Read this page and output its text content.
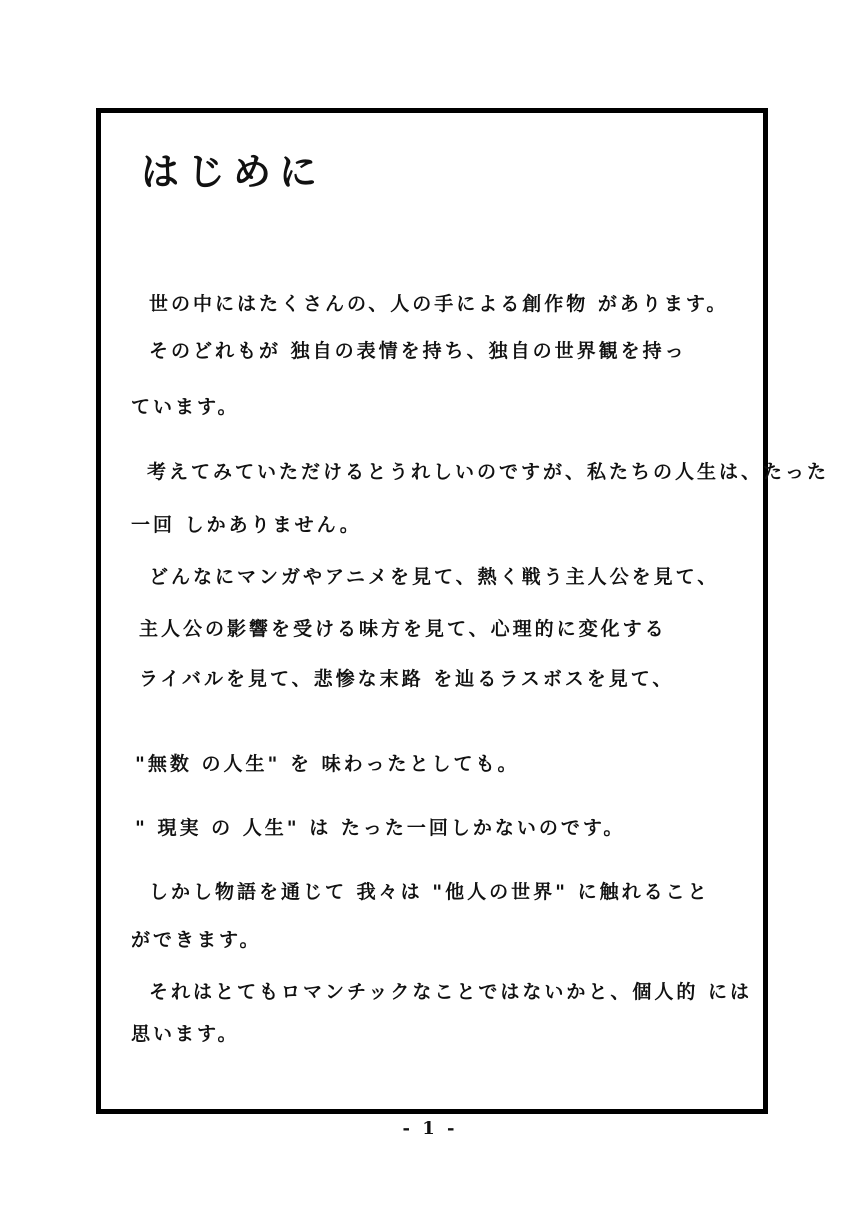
はじめに
世の中にはたくさんの、人の手による創作物 があります。
そのどれもが 独自の表情を持ち、独自の世界観を持っ
ています。
考えてみていただけるとうれしいのですが、私たちの人生は、たった
一回 しかありません。
どんなにマンガやアニメを見て、熱く戦う主人公を見て、
主人公の影響を受ける味方を見て、心理的に変化する
ライバルを見て、悲惨な末路 を辿るラスボスを見て、
"無数 の人生" を 味わったとしても。
" 現実 の 人生" は たった一回しかないのです。
しかし物語を通じて 我々は "他人の世界" に触れること
ができます。
それはとてもロマンチックなことではないかと、個人的 には
思います。
- 1 -
